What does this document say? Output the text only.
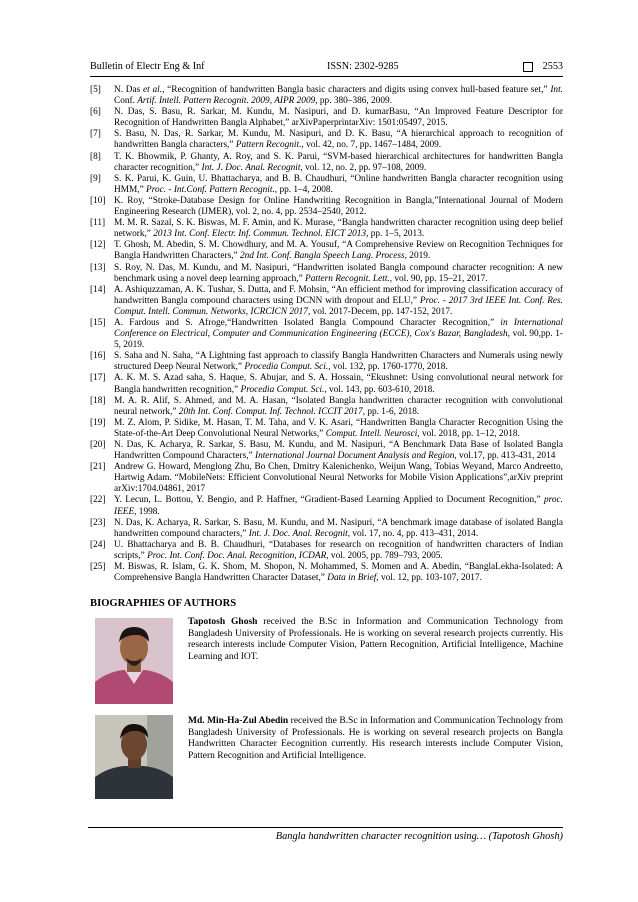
Bulletin of Electr Eng & Inf	ISSN: 2302-9285	2553
[5] N. Das et al., “Recognition of handwritten Bangla basic characters and digits using convex hull-based feature set,” Int. Conf. Artif. Intell. Pattern Recognit. 2009, AIPR 2009, pp. 380–386, 2009.
[6] N. Das, S. Basu, R. Sarkar, M. Kundu, M. Nasipuri, and D. kumarBasu, “An Improved Feature Descriptor for Recognition of Handwritten Bangla Alphabet,” arXivPaperprintarXiv: 1501:05497, 2015.
[7] S. Basu, N. Das, R. Sarkar, M. Kundu, M. Nasipuri, and D. K. Basu, “A hierarchical approach to recognition of handwritten Bangla characters,” Pattern Recognit., vol. 42, no. 7, pp. 1467–1484, 2009.
[8] T. K. Bhowmik, P. Ghanty, A. Roy, and S. K. Parui, “SVM-based hierarchical architectures for handwritten Bangla character recognition,” Int. J. Doc. Anal. Recognit, vol. 12, no. 2, pp. 97–108, 2009.
[9] S. K. Parui, K. Guin, U. Bhattacharya, and B. B. Chaudhuri, “Online handwritten Bangla character recognition using HMM,” Proc. - Int.Conf. Pattern Recognit., pp. 1–4, 2008.
[10] K. Roy, “Stroke-Database Design for Online Handwriting Recognition in Bangla,”International Journal of Modern Engineering Research (IJMER), vol. 2, no. 4, pp. 2534–2540, 2012.
[11] M. M. R. Sazal, S. K. Biswas, M. F. Amin, and K. Murase, “Bangla handwritten character recognition using deep belief network,” 2013 Int. Conf. Electr. Inf. Commun. Technol. EICT 2013, pp. 1–5, 2013.
[12] T. Ghosh, M. Abedin, S. M. Chowdhury, and M. A. Yousuf, “A Comprehensive Review on Recognition Techniques for Bangla Handwritten Characters,” 2nd Int. Conf. Bangla Speech Lang. Process, 2019.
[13] S. Roy, N. Das, M. Kundu, and M. Nasipuri, “Handwritten isolated Bangla compound character recognition: A new benchmark using a novel deep learning approach,” Pattern Recognit. Lett., vol. 90, pp. 15–21, 2017.
[14] A. Ashiquzzaman, A. K. Tushar, S. Dutta, and F. Mohsin, “An efficient method for improving classification accuracy of handwritten Bangla compound characters using DCNN with dropout and ELU,” Proc. - 2017 3rd IEEE Int. Conf. Res. Comput. Intell. Commun. Networks, ICRCICN 2017, vol. 2017-Decem, pp. 147-152, 2017.
[15] A. Fardous and S. Afroge,“Handwritten Isolated Bangla Compound Character Recognition,” in International Conference on Electrical, Computer and Communication Engineering (ECCE), Cox's Bazar, Bangladesh, vol. 90,pp. 1-5, 2019.
[16] S. Saha and N. Saha, “A Lightning fast approach to classify Bangla Handwritten Characters and Numerals using newly structured Deep Neural Network,” Procedia Comput. Sci., vol. 132, pp. 1760-1770, 2018.
[17] A. K. M. S. Azad saha, S. Haque, S. Abujar, and S. A. Hossain, “Ekushnet: Using convolutional neural network for Bangla handwritten recognition,” Procedia Comput. Sci., vol. 143, pp. 603-610, 2018.
[18] M. A. R. Alif, S. Ahmed, and M. A. Hasan, “Isolated Bangla handwritten character recognition with convolutional neural network,” 20th Int. Conf. Comput. Inf. Technol. ICCIT 2017, pp. 1-6, 2018.
[19] M. Z. Alom, P. Sidike, M. Hasan, T. M. Taha, and V. K. Asari, “Handwritten Bangla Character Recognition Using the State-of-the-Art Deep Convolutional Neural Networks,” Comput. Intell. Neurosci, vol. 2018, pp. 1–12, 2018.
[20] N. Das, K. Acharya, R. Sarkar, S. Basu, M. Kundu, and M. Nasipuri, “A Benchmark Data Base of Isolated Bangla Handwritten Compound Characters,” International Journal Document Analysis and Region, vol.17, pp. 413-431, 2014
[21] Andrew G. Howard, Menglong Zhu, Bo Chen, Dmitry Kalenichenko, Weijun Wang, Tobias Weyand, Marco Andreetto, Hartwig Adam. “MobileNets: Efficient Convolutional Neural Networks for Mobile Vision Applications”,arXiv preprint arXiv:1704.04861, 2017
[22] Y. Lecun, L. Bottou, Y. Bengio, and P. Haffner, “Gradient-Based Learning Applied to Document Recognition,” proc. IEEE, 1998.
[23] N. Das, K. Acharya, R. Sarkar, S. Basu, M. Kundu, and M. Nasipuri, “A benchmark image database of isolated Bangla handwritten compound characters,” Int. J. Doc. Anal. Recognit, vol. 17, no. 4, pp. 413–431, 2014.
[24] U. Bhattacharya and B. B. Chaudhuri, “Databases for research on recognition of handwritten characters of Indian scripts,” Proc. Int. Conf. Doc. Anal. Recognition, ICDAR, vol. 2005, pp. 789–793, 2005.
[25] M. Biswas, R. Islam, G. K. Shom, M. Shopon, N. Mohammed, S. Momen and A. Abedin, “BanglaLekha-Isolated: A Comprehensive Bangla Handwritten Character Dataset,” Data in Brief, vol. 12, pp. 103-107, 2017.
BIOGRAPHIES OF AUTHORS
Tapotosh Ghosh received the B.Sc in Information and Communication Technology from Bangladesh University of Professionals. He is working on several research projects currently. His research interests include Computer Vision, Pattern Recognition, Artificial Intelligence, Machine Learning and IOT.
Md. Min-Ha-Zul Abedin received the B.Sc in Information and Communication Technology from Bangladesh University of Professionals. He is working on several research projects on Bangla Handwritten Character Eecognition currently. His research interests include Computer Vision, Pattern Recognition and Artificial Intelligence.
Bangla handwritten character recognition using… (Tapotosh Ghosh)
